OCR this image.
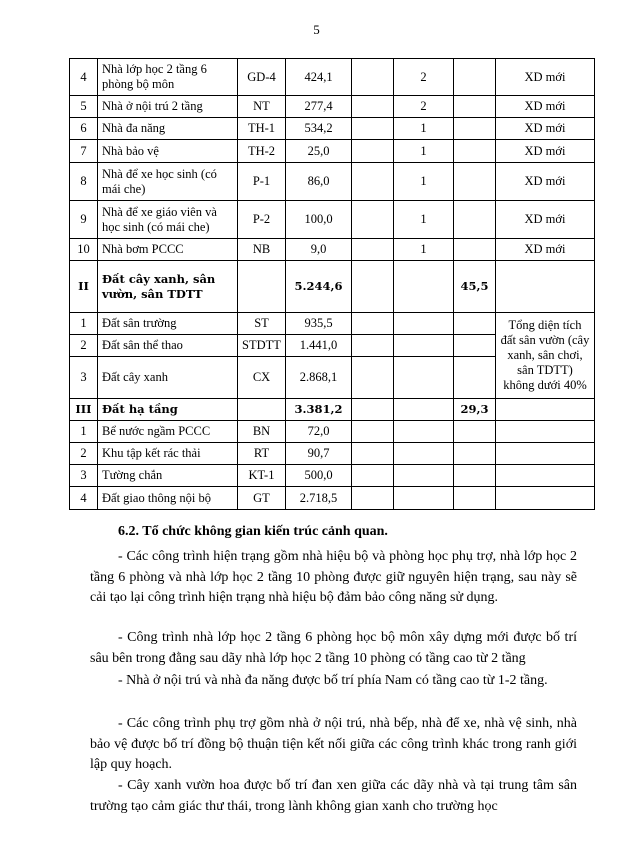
5
4	Nhà lớp học 2 tầng 6 phòng bộ môn	GD-4	424,1		2		XD mới
5	Nhà ở nội trú 2 tầng	NT	277,4		2		XD mới
6	Nhà đa năng	TH-1	534,2		1		XD mới
7	Nhà bảo vệ	TH-2	25,0		1		XD mới
8	Nhà để xe học sinh (có mái che)	P-1	86,0		1		XD mới
9	Nhà để xe giáo viên và học sinh (có mái che)	P-2	100,0		1		XD mới
10	Nhà bơm PCCC	NB	9,0		1		XD mới
II	Đất cây xanh, sân vườn, sân TDTT		5.244,6			45,5	
1	Đất sân trường	ST	935,5				Tổng diện tích đất sân vườn (cây xanh, sân chơi, sân TDTT) không dưới 40%
2	Đất sân thể thao	STDTT	1.441,0				
3	Đất cây xanh	CX	2.868,1				
III	Đất hạ tầng		3.381,2			29,3	
1	Bể nước ngầm PCCC	BN	72,0				
2	Khu tập kết rác thải	RT	90,7				
3	Tường chắn	KT-1	500,0				
4	Đất giao thông nội bộ	GT	2.718,5				
6.2. Tổ chức không gian kiến trúc cảnh quan.

- Các công trình hiện trạng gồm nhà hiệu bộ và phòng học phụ trợ, nhà lớp học 2 tầng 6 phòng và nhà lớp học 2 tầng 10 phòng được giữ nguyên hiện trạng, sau này sẽ cải tạo lại công trình hiện trạng nhà hiệu bộ đảm bảo công năng sử dụng.

- Công trình nhà lớp học 2 tầng 6 phòng học bộ môn xây dựng mới được bố trí sâu bên trong đằng sau dãy nhà lớp học 2 tầng 10 phòng có tầng cao từ 2 tầng

- Nhà ở nội trú và nhà đa năng được bố trí phía Nam có tầng cao từ 1-2 tầng.

- Các công trình phụ trợ gồm nhà ở nội trú, nhà bếp, nhà để xe, nhà vệ sinh, nhà bảo vệ được bố trí đồng bộ thuận tiện kết nối giữa các công trình khác trong ranh giới lập quy hoạch.

- Cây xanh vườn hoa được bố trí đan xen giữa các dãy nhà và tại trung tâm sân trường tạo cảm giác thư thái, trong lành không gian xanh cho trường học
